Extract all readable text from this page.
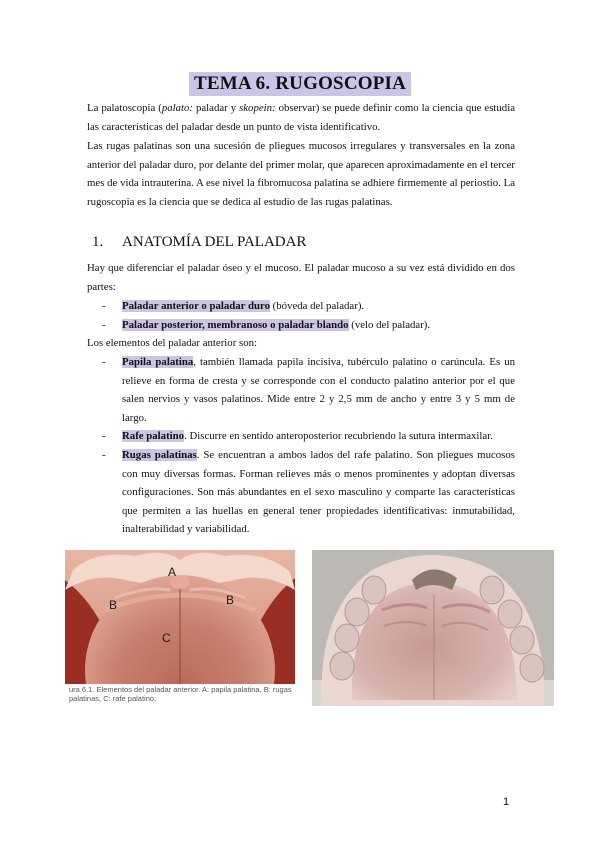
TEMA 6. RUGOSCOPIA

La palatoscopia (palato: paladar y skopein: observar) se puede definir como la ciencia que estudia las características del paladar desde un punto de vista identificativo.

Las rugas palatinas son una sucesión de pliegues mucosos irregulares y transversales en la zona anterior del paladar duro, por delante del primer molar, que aparecen aproximadamente en el tercer mes de vida intrauterina. A ese nivel la fibromucosa palatina se adhiere firmemente al periostio. La rugoscopia es la ciencia que se dedica al estudio de las rugas palatinas.

1. ANATOMÍA DEL PALADAR

Hay que diferenciar el paladar óseo y el mucoso. El paladar mucoso a su vez está dividido en dos partes:

- Paladar anterior o paladar duro (bóveda del paladar).
- Paladar posterior, membranoso o paladar blando (velo del paladar).

Los elementos del paladar anterior son:

- Papila palatina, también llamada papila incisiva, tubérculo palatino o carúncula. Es un relieve en forma de cresta y se corresponde con el conducto palatino anterior por el que salen nervios y vasos palatinos. Mide entre 2 y 2,5 mm de ancho y entre 3 y 5 mm de largo.
- Rafe palatino. Discurre en sentido anteroposterior recubriendo la sutura intermaxilar.
- Rugas palatinas. Se encuentran a ambos lados del rafe palatino. Son pliegues mucosos con muy diversas formas. Forman relieves más o menos prominentes y adoptan diversas configuraciones. Son más abundantes en el sexo masculino y comparte las características que permiten a las huellas en general tener propiedades identificativas: inmutabilidad, inalterabilidad y variabilidad.
A
B	B
C
ura 6.1. Elementos del paladar anterior. A: papila palatina, B: rugas palatinas, C: rafe palatino.
1
